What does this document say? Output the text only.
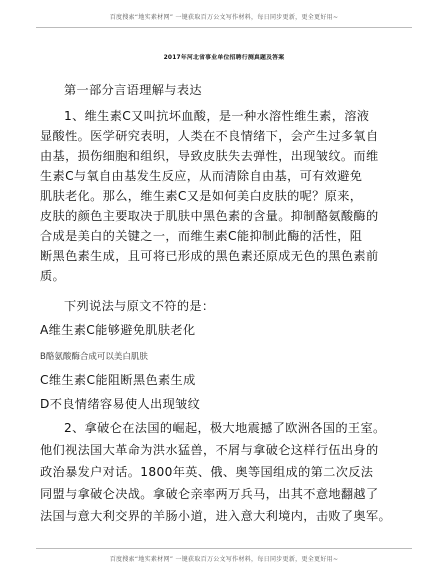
百度搜索“地实素材网” 一键获取百万公文写作材料，每日同步更新，更全更好用~
2017年河北省事业单位招聘行测真题及答案
第一部分言语理解与表达
1、维生素C又叫抗坏血酸，是一种水溶性维生素，溶液
显酸性。医学研究表明，人类在不良情绪下，会产生过多氧自
由基，损伤细胞和组织，导致皮肤失去弹性，出现皱纹。而维
生素C与氧自由基发生反应，从而清除自由基，可有效避免
肌肤老化。那么，维生素C又是如何美白皮肤的呢？原来，
皮肤的颜色主要取决于肌肤中黑色素的含量。抑制酪氨酸酶的
合成是美白的关键之一，而维生素C能抑制此酶的活性，阻
断黑色素生成，且可将已形成的黑色素还原成无色的黑色素前
质。
下列说法与原文不符的是：
A维生素C能够避免肌肤老化
B酪氨酸酶合成可以美白肌肤
C维生素C能阻断黑色素生成
D不良情绪容易使人出现皱纹
2、拿破仑在法国的崛起，极大地震撼了欧洲各国的王室。
他们视法国大革命为洪水猛兽，不屑与拿破仑这样行伍出身的
政治暴发户对话。1800年英、俄、奥等国组成的第二次反法
同盟与拿破仑决战。拿破仑亲率两万兵马，出其不意地翻越了
法国与意大利交界的羊肠小道，进入意大利境内，击败了奥军。
百度搜索“地实素材网” 一键获取百万公文写作材料，每日同步更新，更全更好用~
